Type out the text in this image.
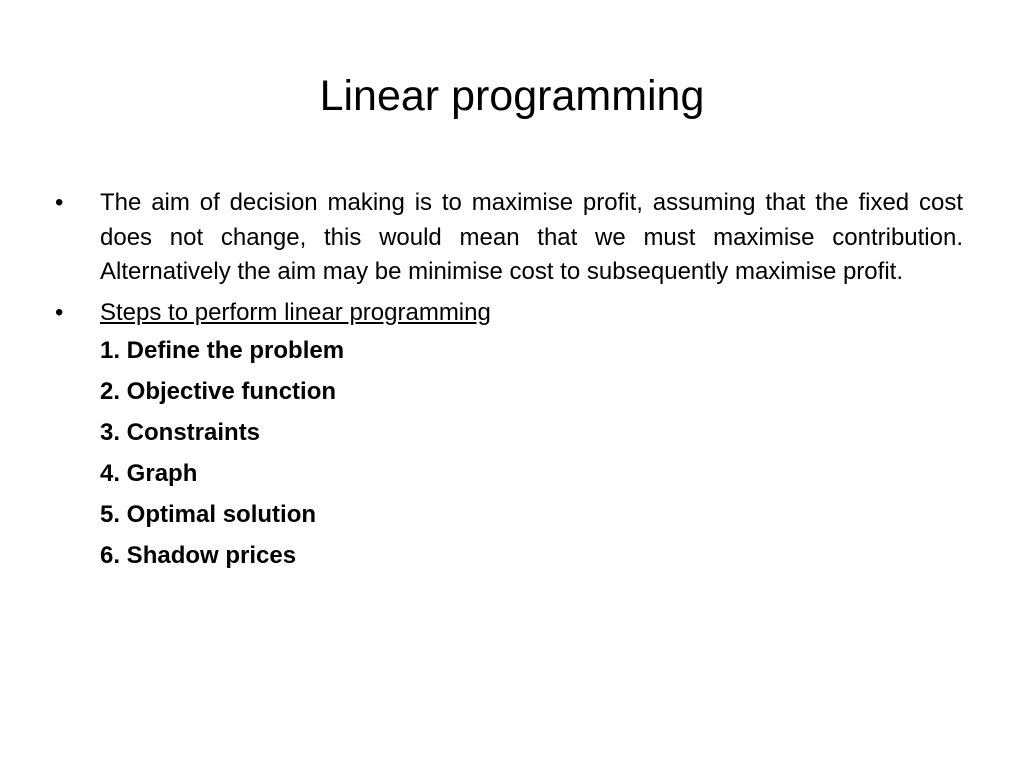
Linear programming
•	The aim of decision making is to maximise profit, assuming that the fixed cost does not change, this would mean that we must maximise contribution. Alternatively the aim may be minimise cost to subsequently maximise profit.
•	Steps to perform linear programming
1. Define the problem
2. Objective function
3. Constraints
4. Graph
5. Optimal solution
6. Shadow prices
